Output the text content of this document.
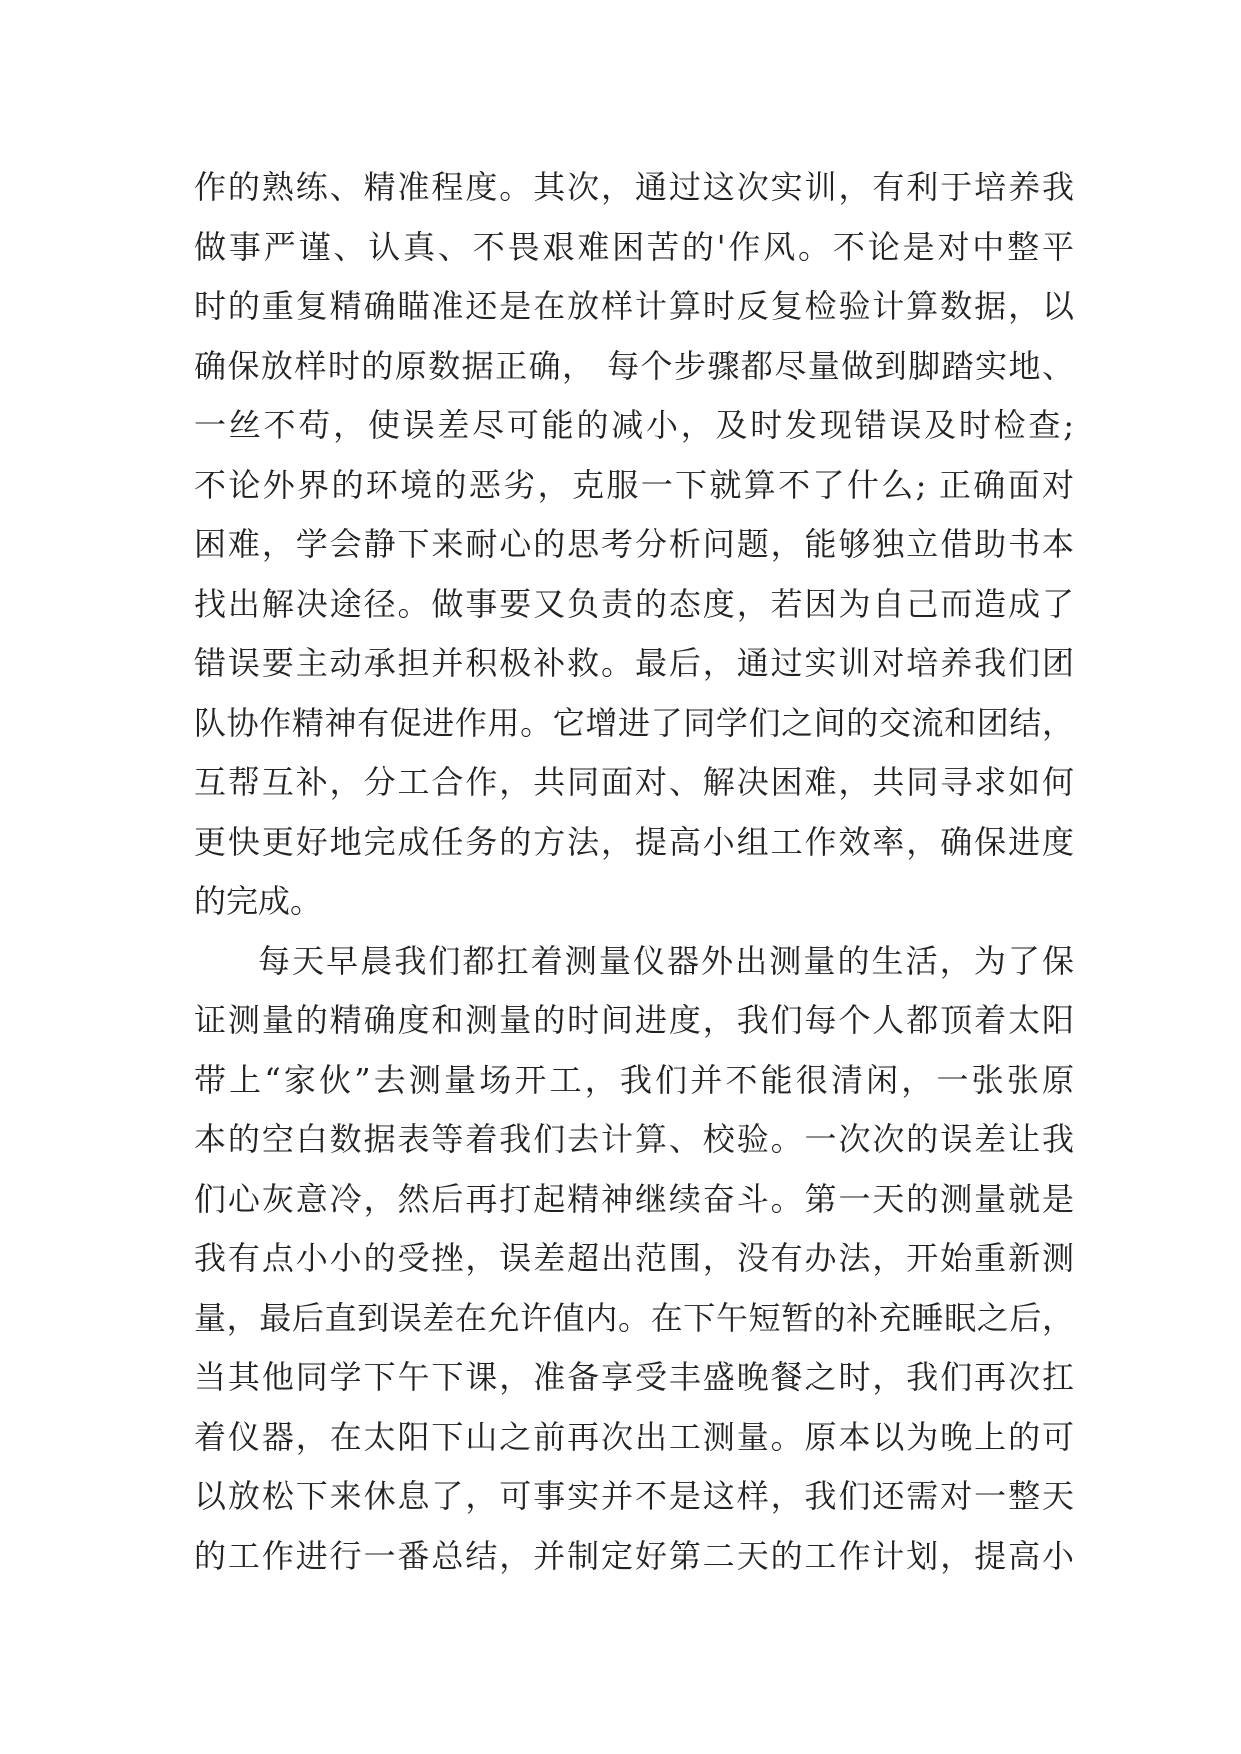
作的熟练、精准程度。其次，通过这次实训，有利于培养我
做事严谨、认真、不畏艰难困苦的'作风。不论是对中整平
时的重复精确瞄准还是在放样计算时反复检验计算数据，以
确保放样时的原数据正确， 每个步骤都尽量做到脚踏实地、
一丝不苟，使误差尽可能的减小，及时发现错误及时检查;
不论外界的环境的恶劣，克服一下就算不了什么; 正确面对
困难，学会静下来耐心的思考分析问题，能够独立借助书本
找出解决途径。做事要又负责的态度，若因为自己而造成了
错误要主动承担并积极补救。最后，通过实训对培养我们团
队协作精神有促进作用。它增进了同学们之间的交流和团结，
互帮互补，分工合作，共同面对、解决困难，共同寻求如何
更快更好地完成任务的方法，提高小组工作效率，确保进度
的完成。
每天早晨我们都扛着测量仪器外出测量的生活，为了保
证测量的精确度和测量的时间进度，我们每个人都顶着太阳
带上“家伙”去测量场开工，我们并不能很清闲，一张张原
本的空白数据表等着我们去计算、校验。一次次的误差让我
们心灰意冷，然后再打起精神继续奋斗。第一天的测量就是
我有点小小的受挫，误差超出范围，没有办法，开始重新测
量，最后直到误差在允许值内。在下午短暂的补充睡眠之后，
当其他同学下午下课，准备享受丰盛晚餐之时，我们再次扛
着仪器，在太阳下山之前再次出工测量。原本以为晚上的可
以放松下来休息了，可事实并不是这样，我们还需对一整天
的工作进行一番总结，并制定好第二天的工作计划，提高小
